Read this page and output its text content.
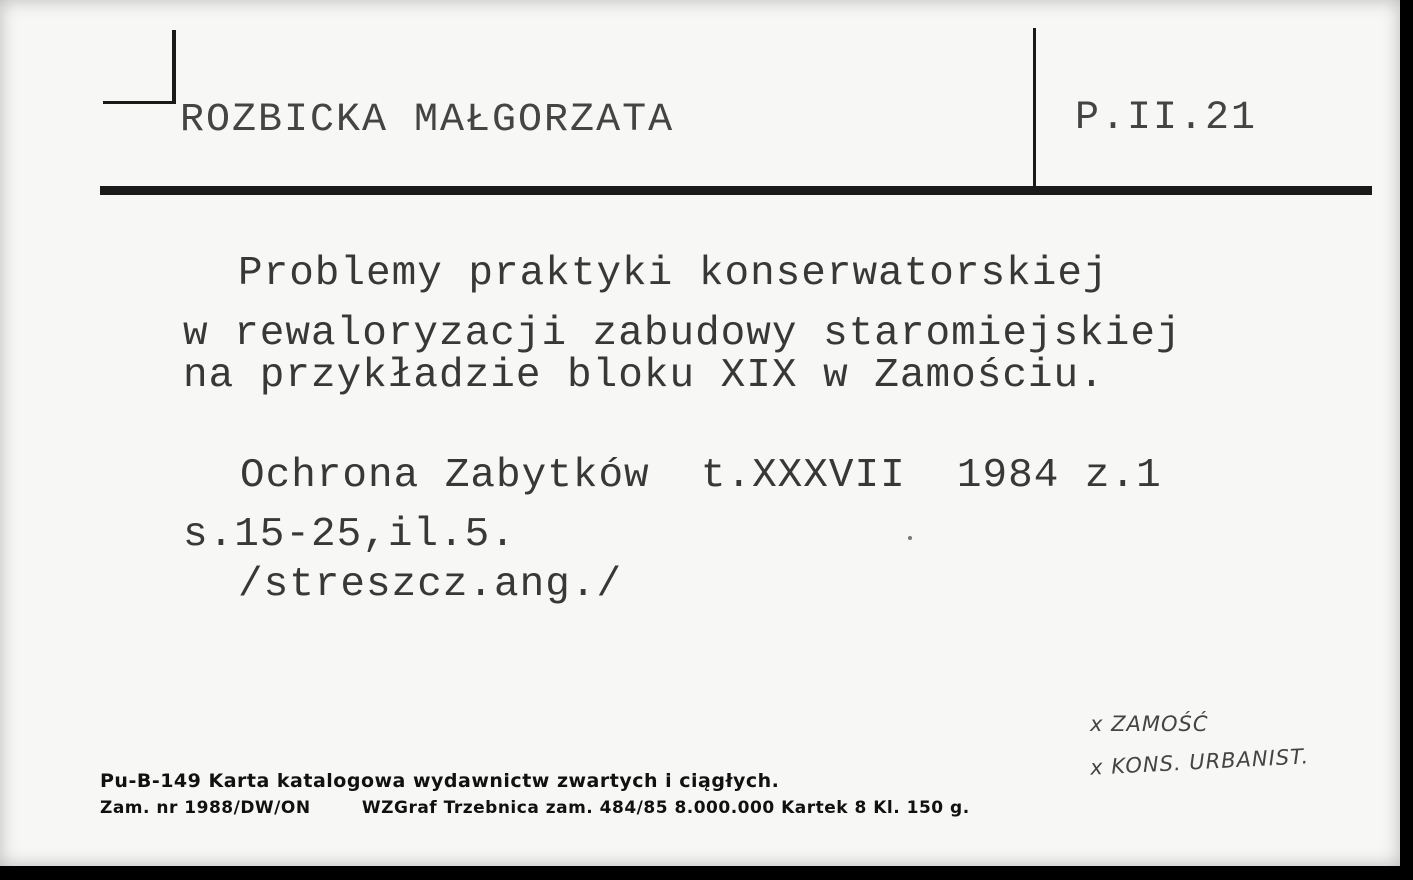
ROZBICKA MAŁGORZATA	P.II.21
Problemy praktyki konserwatorskiej
w rewaloryzacji zabudowy staromiejskiej
na przykładzie bloku XIX w Zamościu.
Ochrona Zabytków  t.XXXVII  1984 z.1
s.15-25,il.5.
/streszcz.ang./
x ZAMOŚĆ
x KONS. URBANIST.
Pu-B-149 Karta katalogowa wydawnictw zwartych i ciągłych.
Zam. nr 1988/DW/ON        WZGraf Trzebnica zam. 484/85 8.000.000 Kartek 8 Kl. 150 g.
